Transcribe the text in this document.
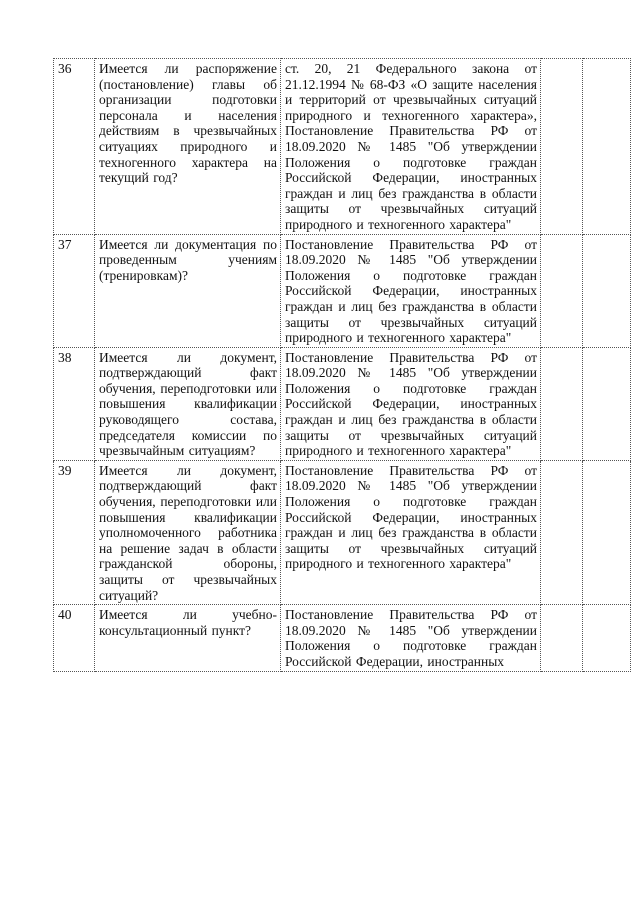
36	Имеется ли распоряжение (постановление) главы об организации подготовки персонала и населения действиям в чрезвычайных ситуациях природного и техногенного характера на текущий год?	ст. 20, 21 Федерального закона от 21.12.1994 № 68-ФЗ «О защите населения и территорий от чрезвычайных ситуаций природного и техногенного характера», Постановление Правительства РФ от 18.09.2020 № 1485 "Об утверждении Положения о подготовке граждан Российской Федерации, иностранных граждан и лиц без гражданства в области защиты от чрезвычайных ситуаций природного и техногенного характера"		

37	Имеется ли документация по проведенным учениям (тренировкам)?	Постановление Правительства РФ от 18.09.2020 № 1485 "Об утверждении Положения о подготовке граждан Российской Федерации, иностранных граждан и лиц без гражданства в области защиты от чрезвычайных ситуаций природного и техногенного характера"		

38	Имеется ли документ, подтверждающий факт обучения, переподготовки или повышения квалификации руководящего состава, председателя комиссии по чрезвычайным ситуациям?	Постановление Правительства РФ от 18.09.2020 № 1485 "Об утверждении Положения о подготовке граждан Российской Федерации, иностранных граждан и лиц без гражданства в области защиты от чрезвычайных ситуаций природного и техногенного характера"		

39	Имеется ли документ, подтверждающий факт обучения, переподготовки или повышения квалификации уполномоченного работника на решение задач в области гражданской обороны, защиты от чрезвычайных ситуаций?	Постановление Правительства РФ от 18.09.2020 № 1485 "Об утверждении Положения о подготовке граждан Российской Федерации, иностранных граждан и лиц без гражданства в области защиты от чрезвычайных ситуаций природного и техногенного характера"		

40	Имеется ли учебно-консультационный пункт?	Постановление Правительства РФ от 18.09.2020 № 1485 "Об утверждении Положения о подготовке граждан Российской Федерации, иностранных		
